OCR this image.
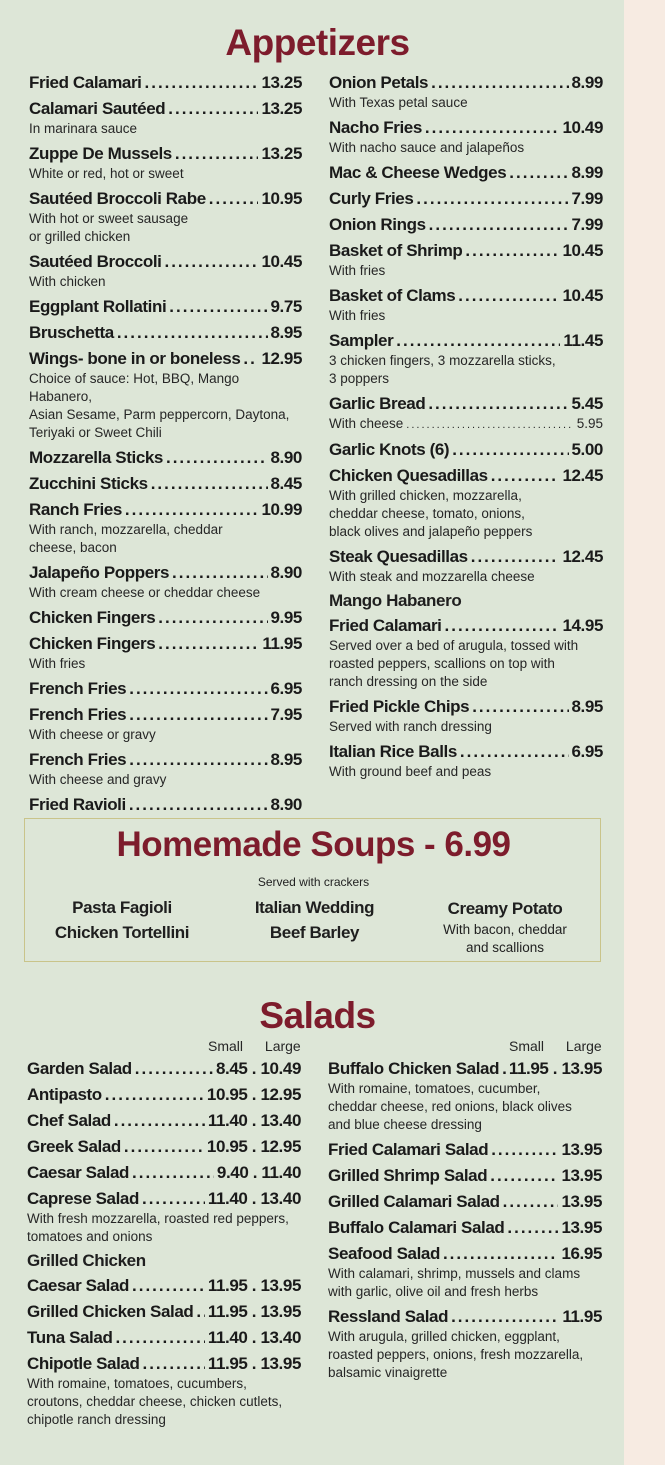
Appetizers
Fried Calamari .....	13.25
Calamari Sautéed .....	13.25
In marinara sauce
Zuppe De Mussels .....	13.25
White or red, hot or sweet
Sautéed Broccoli Rabe .....	10.95
With hot or sweet sausage
or grilled chicken
Sautéed Broccoli .....	10.45
With chicken
Eggplant Rollatini .....	9.75
Bruschetta .....	8.95
Wings- bone in or boneless ..... 12.95
Choice of sauce: Hot, BBQ, Mango Habanero,
Asian Sesame, Parm peppercorn, Daytona,
Teriyaki or Sweet Chili
Mozzarella Sticks .....	8.90
Zucchini Sticks .....	8.45
Ranch Fries .....	10.99
With ranch, mozzarella, cheddar
cheese, bacon
Jalapeño Poppers .....	8.90
With cream cheese or cheddar cheese
Chicken Fingers .....	9.95
Chicken Fingers .....	11.95
With fries
French Fries .....	6.95
French Fries .....	7.95
With cheese or gravy
French Fries .....	8.95
With cheese and gravy
Fried Ravioli .....	8.90
Onion Petals .....	8.99
With Texas petal sauce
Nacho Fries .....	10.49
With nacho sauce and jalapeños
Mac & Cheese Wedges .....	8.99
Curly Fries .....	7.99
Onion Rings .....	7.99
Basket of Shrimp .....	10.45
With fries
Basket of Clams .....	10.45
With fries
Sampler .....	11.45
3 chicken fingers, 3 mozzarella sticks,
3 poppers
Garlic Bread .....	5.45
With cheese .....	5.95
Garlic Knots (6) .....	5.00
Chicken Quesadillas .....	12.45
With grilled chicken, mozzarella,
cheddar cheese, tomato, onions,
black olives and jalapeño peppers
Steak Quesadillas .....	12.45
With steak and mozzarella cheese
Mango Habanero
Fried Calamari .....	14.95
Served over a bed of arugula, tossed with
roasted peppers, scallions on top with
ranch dressing on the side
Fried Pickle Chips .....	8.95
Served with ranch dressing
Italian Rice Balls .....	6.95
With ground beef and peas
Homemade Soups - 6.99
Served with crackers
Pasta Fagioli
Chicken Tortellini
Italian Wedding
Beef Barley
Creamy Potato
With bacon, cheddar
and scallions
Salads
Small Large	Small Large
Garden Salad .....	8.45 . 10.49
Antipasto .....	10.95 . 12.95
Chef Salad .....	11.40 . 13.40
Greek Salad .....	10.95 . 12.95
Caesar Salad .....	9.40 . 11.40
Caprese Salad .....	11.40 . 13.40
With fresh mozzarella, roasted red peppers,
tomatoes and onions
Grilled Chicken
Caesar Salad .....	11.95 . 13.95
Grilled Chicken Salad ..... 11.95 . 13.95
Tuna Salad .....	11.40 . 13.40
Chipotle Salad .....	11.95 . 13.95
With romaine, tomatoes, cucumbers,
croutons, cheddar cheese, chicken cutlets,
chipotle ranch dressing
Buffalo Chicken Salad ..... 11.95 . 13.95
With romaine, tomatoes, cucumber,
cheddar cheese, red onions, black olives
and blue cheese dressing
Fried Calamari Salad .....	13.95
Grilled Shrimp Salad .....	13.95
Grilled Calamari Salad .....	13.95
Buffalo Calamari Salad .....	13.95
Seafood Salad .....	16.95
With calamari, shrimp, mussels and clams
with garlic, olive oil and fresh herbs
Ressland Salad .....	11.95
With arugula, grilled chicken, eggplant,
roasted peppers, onions, fresh mozzarella,
balsamic vinaigrette
